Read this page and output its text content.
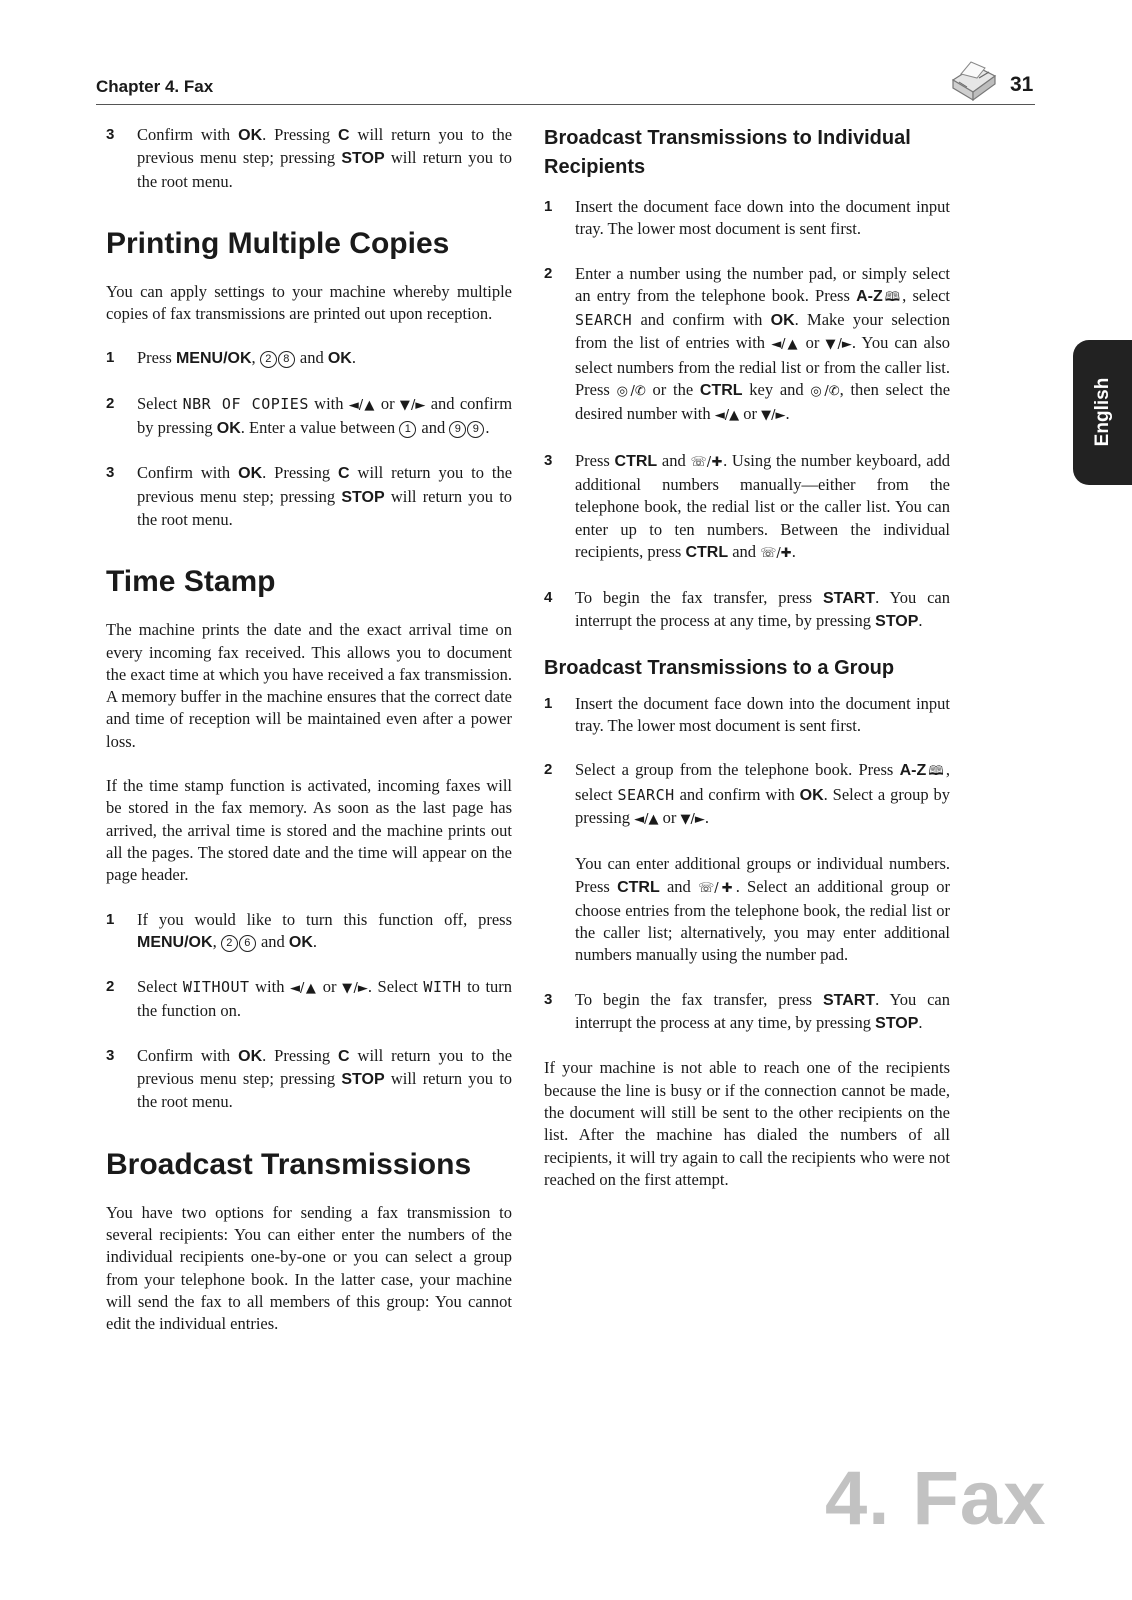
Chapter 4. Fax	31
English
3 Confirm with OK. Pressing C will return you to the previous menu step; pressing STOP will return you to the root menu.
Printing Multiple Copies

You can apply settings to your machine whereby multiple copies of fax transmissions are printed out upon reception.

1 Press MENU/OK, 2 8 and OK.
2 Select NBR OF COPIES with ◄/▲ or ▼/► and confirm by pressing OK. Enter a value between 1 and 9 9 .
3 Confirm with OK. Pressing C will return you to the previous menu step; pressing STOP will return you to the root menu.
Time Stamp

The machine prints the date and the exact arrival time on every incoming fax received. This allows you to document the exact time at which you have received a fax transmission. A memory buffer in the machine ensures that the correct date and time of reception will be maintained even after a power loss.

If the time stamp function is activated, incoming faxes will be stored in the fax memory. As soon as the last page has arrived, the arrival time is stored and the machine prints out all the pages. The stored date and the time will appear on the page header.

1 If you would like to turn this function off, press MENU/OK, 2 6 and OK.
2 Select WITHOUT with ◄/▲ or ▼/►. Select WITH to turn the function on.
3 Confirm with OK. Pressing C will return you to the previous menu step; pressing STOP will return you to the root menu.
Broadcast Transmissions

You have two options for sending a fax transmission to several recipients: You can either enter the numbers of the individual recipients one-by-one or you can select a group from your telephone book. In the latter case, your machine will send the fax to all members of this group: You cannot edit the individual entries.

Broadcast Transmissions to Individual Recipients
1 Insert the document face down into the document input tray. The lower most document is sent first.
2 Enter a number using the number pad, or simply select an entry from the telephone book. Press A-Z🕮, select SEARCH and confirm with OK. Make your selection from the list of entries with ◄/▲ or ▼/►. You can also select numbers from the redial list or from the caller list. Press ◎/✆ or the CTRL key and ◎/✆, then select the desired number with ◄/▲ or ▼/►.
3 Press CTRL and ☏/✚. Using the number keyboard, add additional numbers manually—either from the telephone book, the redial list or the caller list. You can enter up to ten numbers. Between the individual recipients, press CTRL and ☏/✚.
4 To begin the fax transfer, press START. You can interrupt the process at any time, by pressing STOP.
Broadcast Transmissions to a Group
1 Insert the document face down into the document input tray. The lower most document is sent first.
2 Select a group from the telephone book. Press A-Z🕮, select SEARCH and confirm with OK. Select a group by pressing ◄/▲ or ▼/►.
You can enter additional groups or individual numbers. Press CTRL and ☏/✚. Select an additional group or choose entries from the telephone book, the redial list or the caller list; alternatively, you may enter additional numbers manually using the number pad.
3 To begin the fax transfer, press START. You can interrupt the process at any time, by pressing STOP.

If your machine is not able to reach one of the recipients because the line is busy or if the connection cannot be made, the document will still be sent to the other recipients on the list. After the machine has dialed the numbers of all recipients, it will try again to call the recipients who were not reached on the first attempt.

4. Fax
